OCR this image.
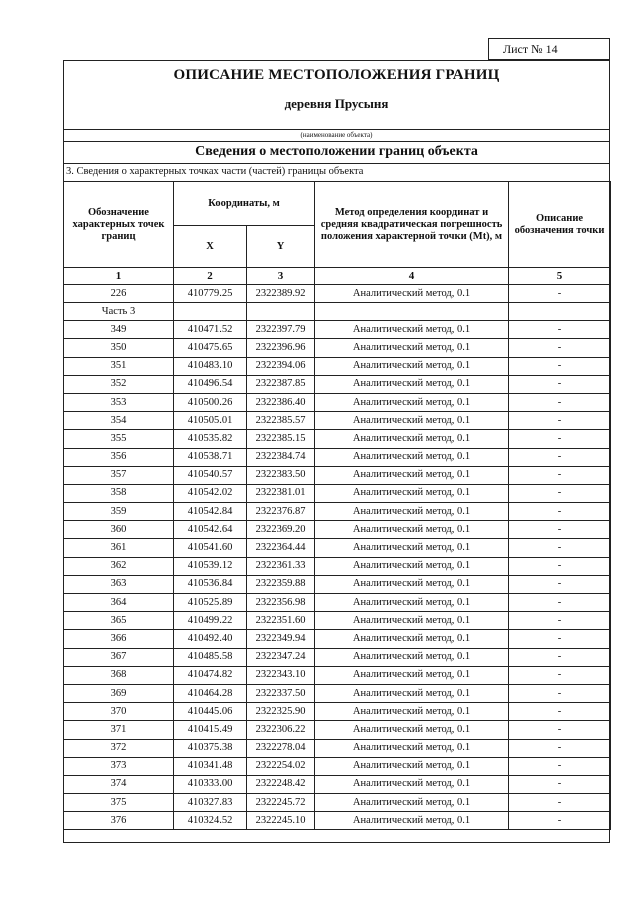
Лист № 14
ОПИСАНИЕ МЕСТОПОЛОЖЕНИЯ ГРАНИЦ
деревня Прусыня
(наименование объекта)
Сведения о местоположении границ объекта
3. Сведения о характерных точках части (частей) границы объекта
Обозначение характерных точек границ	Координаты, м		Метод определения координат и средняя квадратическая погрешность положения характерной точки (Mt), м	Описание обозначения точки
	X	Y		
1	2	3	4	5
226	410779.25	2322389.92	Аналитический метод, 0.1	-
Часть 3				
349	410471.52	2322397.79	Аналитический метод, 0.1	-
350	410475.65	2322396.96	Аналитический метод, 0.1	-
351	410483.10	2322394.06	Аналитический метод, 0.1	-
352	410496.54	2322387.85	Аналитический метод, 0.1	-
353	410500.26	2322386.40	Аналитический метод, 0.1	-
354	410505.01	2322385.57	Аналитический метод, 0.1	-
355	410535.82	2322385.15	Аналитический метод, 0.1	-
356	410538.71	2322384.74	Аналитический метод, 0.1	-
357	410540.57	2322383.50	Аналитический метод, 0.1	-
358	410542.02	2322381.01	Аналитический метод, 0.1	-
359	410542.84	2322376.87	Аналитический метод, 0.1	-
360	410542.64	2322369.20	Аналитический метод, 0.1	-
361	410541.60	2322364.44	Аналитический метод, 0.1	-
362	410539.12	2322361.33	Аналитический метод, 0.1	-
363	410536.84	2322359.88	Аналитический метод, 0.1	-
364	410525.89	2322356.98	Аналитический метод, 0.1	-
365	410499.22	2322351.60	Аналитический метод, 0.1	-
366	410492.40	2322349.94	Аналитический метод, 0.1	-
367	410485.58	2322347.24	Аналитический метод, 0.1	-
368	410474.82	2322343.10	Аналитический метод, 0.1	-
369	410464.28	2322337.50	Аналитический метод, 0.1	-
370	410445.06	2322325.90	Аналитический метод, 0.1	-
371	410415.49	2322306.22	Аналитический метод, 0.1	-
372	410375.38	2322278.04	Аналитический метод, 0.1	-
373	410341.48	2322254.02	Аналитический метод, 0.1	-
374	410333.00	2322248.42	Аналитический метод, 0.1	-
375	410327.83	2322245.72	Аналитический метод, 0.1	-
376	410324.52	2322245.10	Аналитический метод, 0.1	-
